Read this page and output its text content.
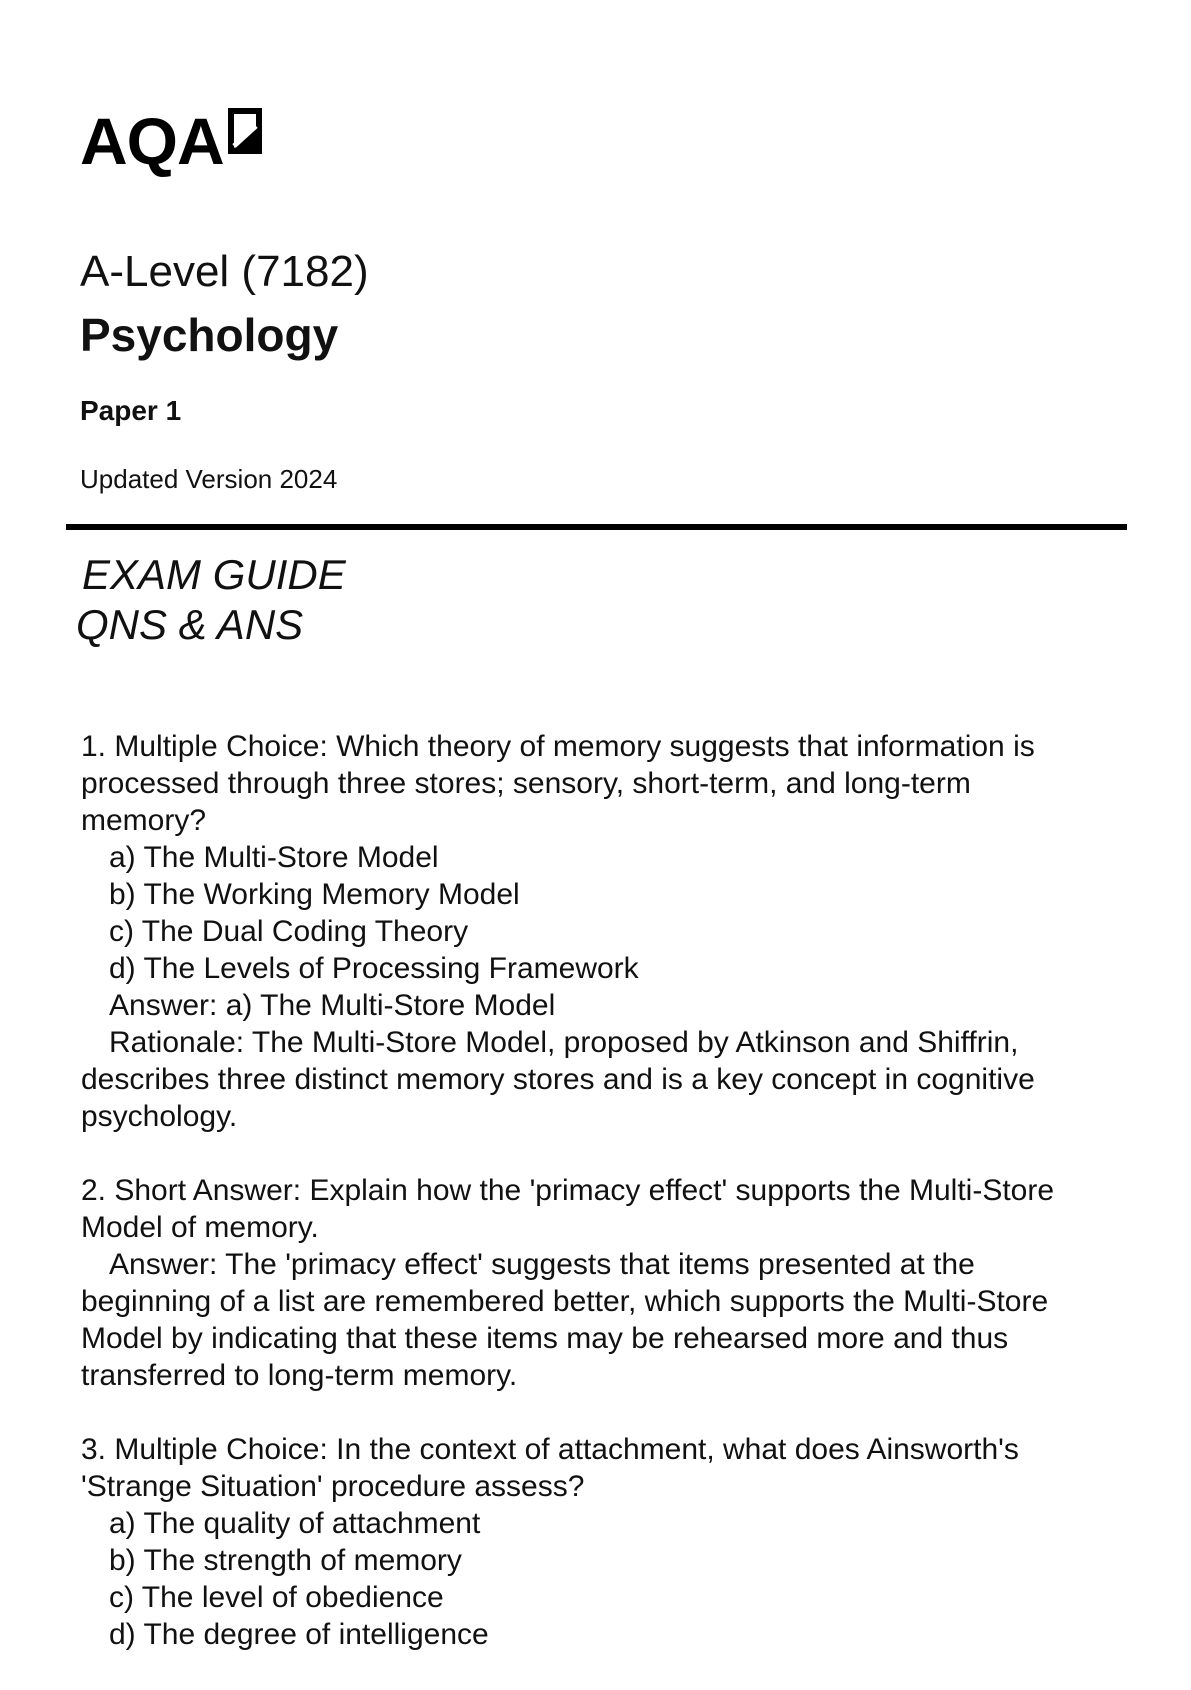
AQA
A-Level (7182)
Psychology
Paper 1
Updated Version 2024
EXAM GUIDE
QNS & ANS

1. Multiple Choice: Which theory of memory suggests that information is processed through three stores; sensory, short-term, and long-term memory?

a) The Multi-Store Model

b) The Working Memory Model

c) The Dual Coding Theory

d) The Levels of Processing Framework

Answer: a) The Multi-Store Model

Rationale: The Multi-Store Model, proposed by Atkinson and Shiffrin, describes three distinct memory stores and is a key concept in cognitive psychology.

2. Short Answer: Explain how the 'primacy effect' supports the Multi-Store Model of memory.

Answer: The 'primacy effect' suggests that items presented at the beginning of a list are remembered better, which supports the Multi-Store Model by indicating that these items may be rehearsed more and thus transferred to long-term memory.

3. Multiple Choice: In the context of attachment, what does Ainsworth's 'Strange Situation' procedure assess?

a) The quality of attachment

b) The strength of memory

c) The level of obedience

d) The degree of intelligence
